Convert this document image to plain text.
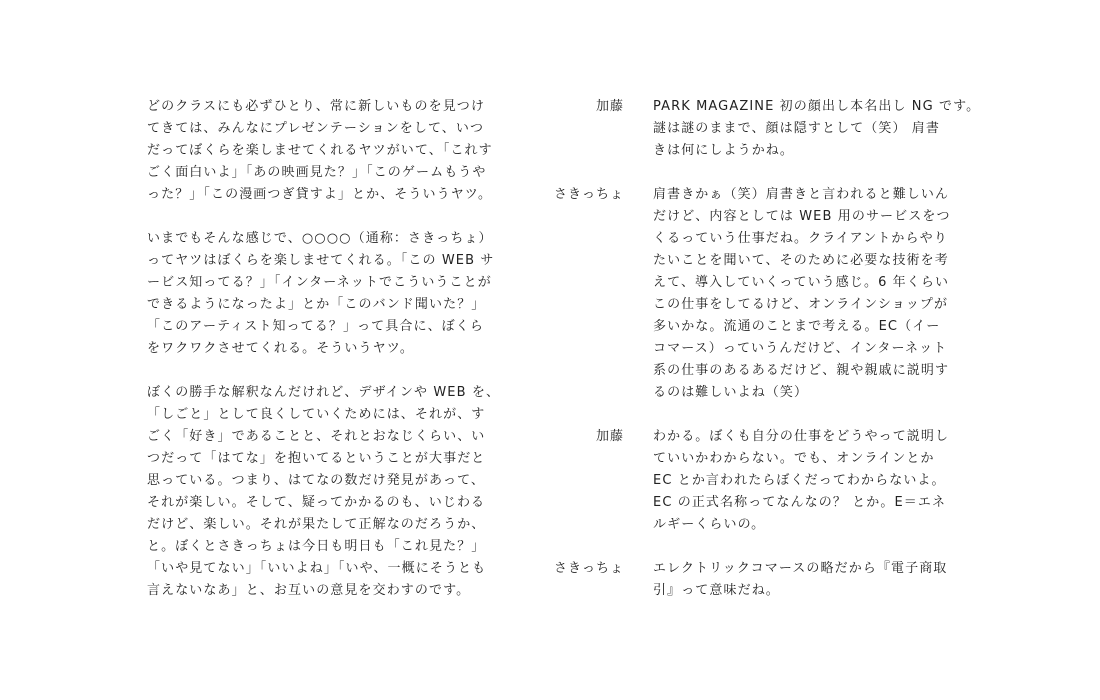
どのクラスにも必ずひとり、常に新しいものを見つけ
てきては、みんなにプレゼンテーションをして、いつ
だってぼくらを楽しませてくれるヤツがいて、「これす
ごく面白いよ」「あの映画見た？」「このゲームもうや
った？」「この漫画つぎ貸すよ」とか、そういうヤツ。

いまでもそんな感じで、○○○○（通称：さきっちょ）
ってヤツはぼくらを楽しませてくれる。「この WEB サ
ービス知ってる？」「インターネットでこういうことが
できるようになったよ」とか「このバンド聞いた？」
「このアーティスト知ってる？」って具合に、ぼくら
をワクワクさせてくれる。そういうヤツ。

ぼくの勝手な解釈なんだけれど、デザインや WEB を、
「しごと」として良くしていくためには、それが、す
ごく「好き」であることと、それとおなじくらい、い
つだって「はてな」を抱いてるということが大事だと
思っている。つまり、はてなの数だけ発見があって、
それが楽しい。そして、疑ってかかるのも、いじわる
だけど、楽しい。それが果たして正解なのだろうか、
と。ぼくとさきっちょは今日も明日も「これ見た？」
「いや見てない」「いいよね」「いや、一概にそうとも
言えないなあ」と、お互いの意見を交わすのです。

加藤 PARK MAGAZINE 初の顔出し本名出し NG です。
謎は謎のままで、顔は隠すとして（笑） 肩書
きは何にしようかね。
さきっちょ 肩書きかぁ（笑）肩書きと言われると難しいん
だけど、内容としては WEB 用のサービスをつ
くるっていう仕事だね。クライアントからやり
たいことを聞いて、そのために必要な技術を考
えて、導入していくっていう感じ。6 年くらい
この仕事をしてるけど、オンラインショップが
多いかな。流通のことまで考える。EC（イー
コマース）っていうんだけど、インターネット
系の仕事のあるあるだけど、親や親戚に説明す
るのは難しいよね（笑）
加藤 わかる。ぼくも自分の仕事をどうやって説明し
ていいかわからない。でも、オンラインとか
EC とか言われたらぼくだってわからないよ。
EC の正式名称ってなんなの？ とか。E＝エネ
ルギーくらいの。
さきっちょ エレクトリックコマースの略だから『電子商取
引』って意味だね。
